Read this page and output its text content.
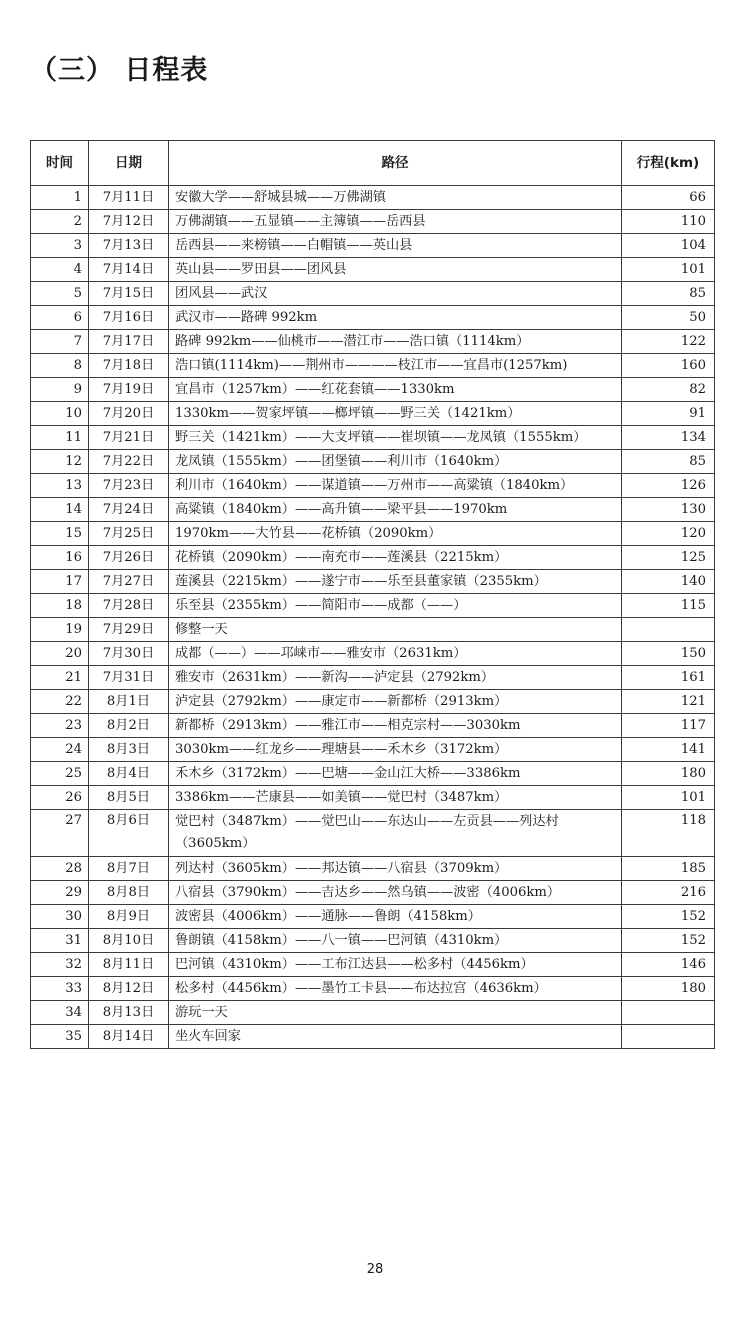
（三） 日程表
时间	日期	路径	行程(km)
1	7月11日	安徽大学——舒城县城——万佛湖镇	66
2	7月12日	万佛湖镇——五显镇——主簿镇——岳西县	110
3	7月13日	岳西县——来榜镇——白帽镇——英山县	104
4	7月14日	英山县——罗田县——团风县	101
5	7月15日	团风县——武汉	85
6	7月16日	武汉市——路碑 992km	50
7	7月17日	路碑 992km——仙桃市——潜江市——浩口镇（1114km）	122
8	7月18日	浩口镇(1114km)——荆州市————枝江市——宜昌市(1257km)	160
9	7月19日	宜昌市（1257km）——红花套镇——1330km	82
10	7月20日	1330km——贺家坪镇——榔坪镇——野三关（1421km）	91
11	7月21日	野三关（1421km）——大支坪镇——崔坝镇——龙凤镇（1555km）	134
12	7月22日	龙凤镇（1555km）——团堡镇——利川市（1640km）	85
13	7月23日	利川市（1640km）——谋道镇——万州市——高粱镇（1840km）	126
14	7月24日	高粱镇（1840km）——高升镇——梁平县——1970km	130
15	7月25日	1970km——大竹县——花桥镇（2090km）	120
16	7月26日	花桥镇（2090km）——南充市——莲溪县（2215km）	125
17	7月27日	莲溪县（2215km）——遂宁市——乐至县董家镇（2355km）	140
18	7月28日	乐至县（2355km）——简阳市——成都（——）	115
19	7月29日	修整一天	
20	7月30日	成都（——）——邛崃市——雅安市（2631km）	150
21	7月31日	雅安市（2631km）——新沟——泸定县（2792km）	161
22	8月1日	泸定县（2792km）——康定市——新都桥（2913km）	121
23	8月2日	新都桥（2913km）——雅江市——相克宗村——3030km	117
24	8月3日	3030km——红龙乡——理塘县——禾木乡（3172km）	141
25	8月4日	禾木乡（3172km）——巴塘——金山江大桥——3386km	180
26	8月5日	3386km——芒康县——如美镇——觉巴村（3487km）	101
27	8月6日	觉巴村（3487km）——觉巴山——东达山——左贡县——列达村（3605km）	118
28	8月7日	列达村（3605km）——邦达镇——八宿县（3709km）	185
29	8月8日	八宿县（3790km）——吉达乡——然乌镇——波密（4006km）	216
30	8月9日	波密县（4006km）——通脉——鲁朗（4158km）	152
31	8月10日	鲁朗镇（4158km）——八一镇——巴河镇（4310km）	152
32	8月11日	巴河镇（4310km）——工布江达县——松多村（4456km）	146
33	8月12日	松多村（4456km）——墨竹工卡县——布达拉宫（4636km）	180
34	8月13日	游玩一天	
35	8月14日	坐火车回家	
28
